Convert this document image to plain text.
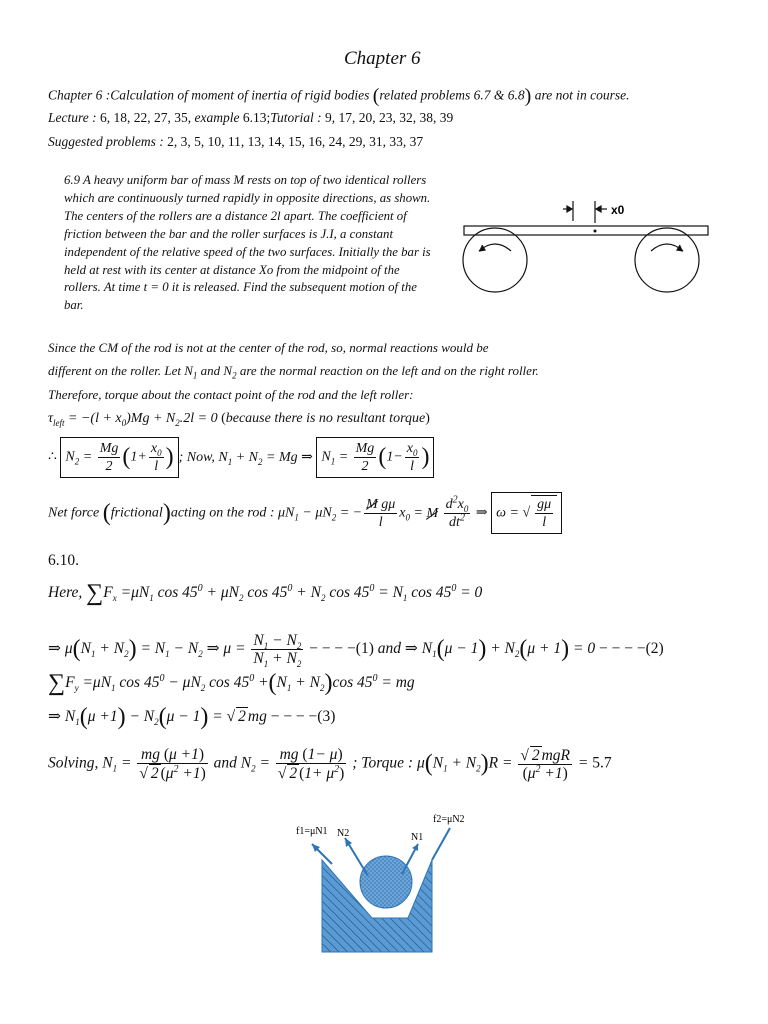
Chapter 6
Chapter 6 :Calculation of moment of inertia of rigid bodies (related problems 6.7 & 6.8) are not in course.
Lecture : 6, 18, 22, 27, 35, example 6.13;Tutorial : 9, 17, 20, 23, 32, 38, 39
Suggested problems : 2, 3, 5, 10, 11, 13, 14, 15, 16, 24, 29, 31, 33, 37
6.9 A heavy uniform bar of mass M rests on top of two identical rollers which are continuously turned rapidly in opposite directions, as shown. The centers of the rollers are a distance 2l apart. The coefficient of friction between the bar and the roller surfaces is J.I, a constant independent of the relative speed of the two surfaces. Initially the bar is held at rest with its center at distance Xo from the midpoint of the rollers. At time t = 0 it is released. Find the subsequent motion of the bar.
x0
Since the CM of the rod is not at the center of the rod, so, normal reactions would be
different on the roller. Let $N_1$ and $N_2$ are the normal reaction on the left and on the right roller.
Therefore, torque about the contact point of the rod and the left roller:
$\tau_{left} = -(l + x_0)Mg + N_2.2l = 0$ (because there is no resultant torque)
∴ $N_2 = \frac{Mg}{2} (1+ \frac{x_0}{l}$ ) ; Now, $N_1 + N_2 = Mg$ ⇒ $N_1 = \frac{Mg}{2} (1- \frac{x_0}{l}$ )
Net force (frictional)acting on the rod : $\mu N_1 - \mu N_2$ = − $\frac{\text{M gμ}}{l} x_0 = M \frac{d^2x_0}{dt^2}$ ⇒ ω = √ $\frac{g\mu}{l}$
6.10.
Here, $\sum F_x =\mu N_1$ $\cos 45^0 + \mu N_2$ $\cos 45^0 + N_2$ $\cos 45^0 = N_1$ $\cos 45^0 = 0$
⇒ $\mu(N_1 + N_2) = N_1 - N_2$ ⇒ $\mu = \frac{N_1 - N_2}{N_1 + N_2}$ − − − −(1) and ⇒ $N_1(\mu - 1) + N_2(\mu + 1) = 0$ − − − −(2)
$\sum F_y =\mu N_1$ $\cos 45^0 - \mu N_2$ $\cos 45^0 +(N_1 + N_2)\cos$ $45^0$ = mg
⇒ $N_1(\mu +1) - N_2(\mu - 1)$ = √ 2 mg − − − −(3)
Solving, $N_1 = \frac{mg (\mu +1)}{√ 2 (\mu^2 +1)}$ and $N_2 = \frac{mg (1- \mu)}{√ 2 (1+ \mu^2)}$ ; Torque : $\mu(N_1 + N_2)R = \frac{\text{√ 2 mgR}}{(\mu^2 +1)} = 5.7$
f1=μN1 N2	N1
f2=μN2
